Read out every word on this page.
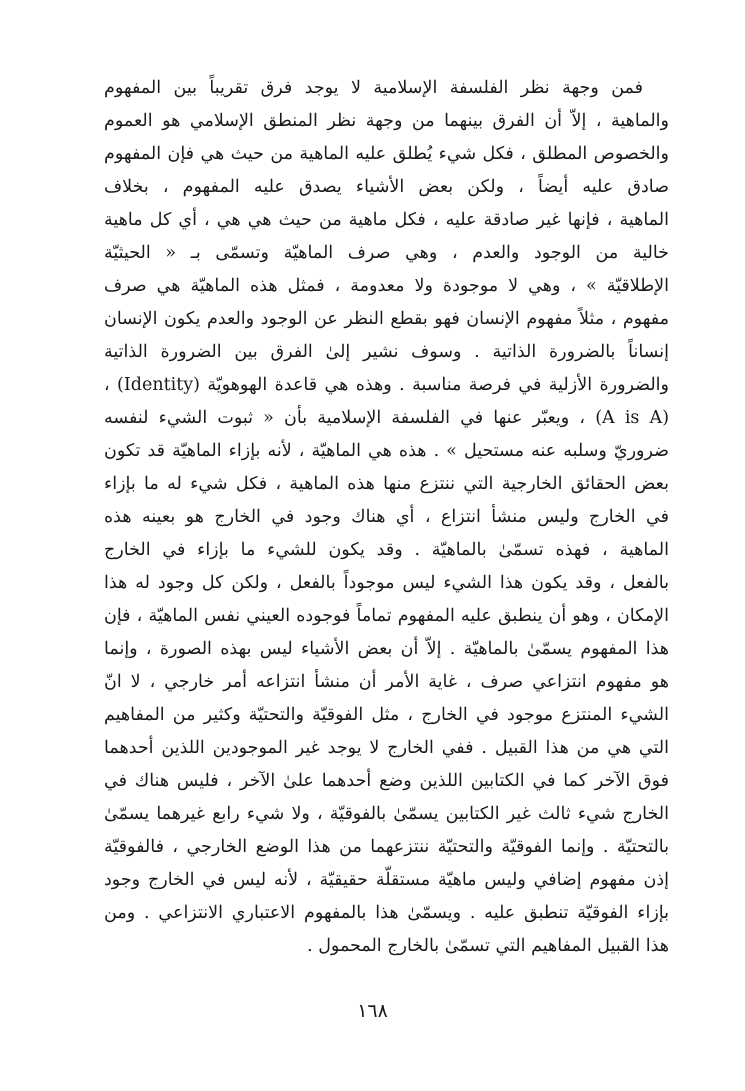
فمن وجهة نظر الفلسفة الإسلامية لا يوجد فرق تقريباً بين المفهوم
والماهية ، إلاّ أن الفرق بينهما من وجهة نظر المنطق الإسلامي هو العموم
والخصوص المطلق ، فكل شيء يُطلق عليه الماهية من حيث هي فإن المفهوم
صادق عليه أيضاً ، ولكن بعض الأشياء يصدق عليه المفهوم ، بخلاف
الماهية ، فإنها غير صادقة عليه ، فكل ماهية من حيث هي هي ، أي كل ماهية
خالية من الوجود والعدم ، وهي صرف الماهيّة وتسمّى بـ « الحيثيّة
الإطلاقيّة » ، وهي لا موجودة ولا معدومة ، فمثل هذه الماهيّة هي صرف
مفهوم ، مثلاً مفهوم الإنسان فهو بقطع النظر عن الوجود والعدم يكون الإنسان
إنساناً بالضرورة الذاتية . وسوف نشير إلىٰ الفرق بين الضرورة الذاتية
والضرورة الأزلية في فرصة مناسبة . وهذه هي قاعدة الهوهويّة (Identity) ،
(A is A) ، ويعبّر عنها في الفلسفة الإسلامية بأن « ثبوت الشيء لنفسه
ضروريّ وسلبه عنه مستحيل » . هذه هي الماهيّة ، لأنه بإزاء الماهيّة قد تكون
بعض الحقائق الخارجية التي ننتزع منها هذه الماهية ، فكل شيء له ما بإزاء
في الخارج وليس منشأ انتزاع ، أي هناك وجود في الخارج هو بعينه هذه
الماهية ، فهذه تسمّىٰ بالماهيّة . وقد يكون للشيء ما بإزاء في الخارج
بالفعل ، وقد يكون هذا الشيء ليس موجوداً بالفعل ، ولكن كل وجود له هذا
الإمكان ، وهو أن ينطبق عليه المفهوم تماماً فوجوده العيني نفس الماهيّة ، فإن
هذا المفهوم يسمّىٰ بالماهيّة . إلاّ أن بعض الأشياء ليس بهذه الصورة ، وإنما
هو مفهوم انتزاعي صرف ، غاية الأمر أن منشأ انتزاعه أمر خارجي ، لا انّ
الشيء المنتزع موجود في الخارج ، مثل الفوقيّة والتحتيّة وكثير من المفاهيم
التي هي من هذا القبيل . ففي الخارج لا يوجد غير الموجودين اللذين أحدهما
فوق الآخر كما في الكتابين اللذين وضع أحدهما علىٰ الآخر ، فليس هناك في
الخارج شيء ثالث غير الكتابين يسمّىٰ بالفوقيّة ، ولا شيء رابع غيرهما يسمّىٰ
بالتحتيّة . وإنما الفوقيّة والتحتيّة ننتزعهما من هذا الوضع الخارجي ، فالفوقيّة
إذن مفهوم إضافي وليس ماهيّة مستقلّة حقيقيّة ، لأنه ليس في الخارج وجود
بإزاء الفوقيّة تنطبق عليه . ويسمّىٰ هذا بالمفهوم الاعتباري الانتزاعي . ومن
هذا القبيل المفاهيم التي تسمّىٰ بالخارج المحمول .
١٦٨
